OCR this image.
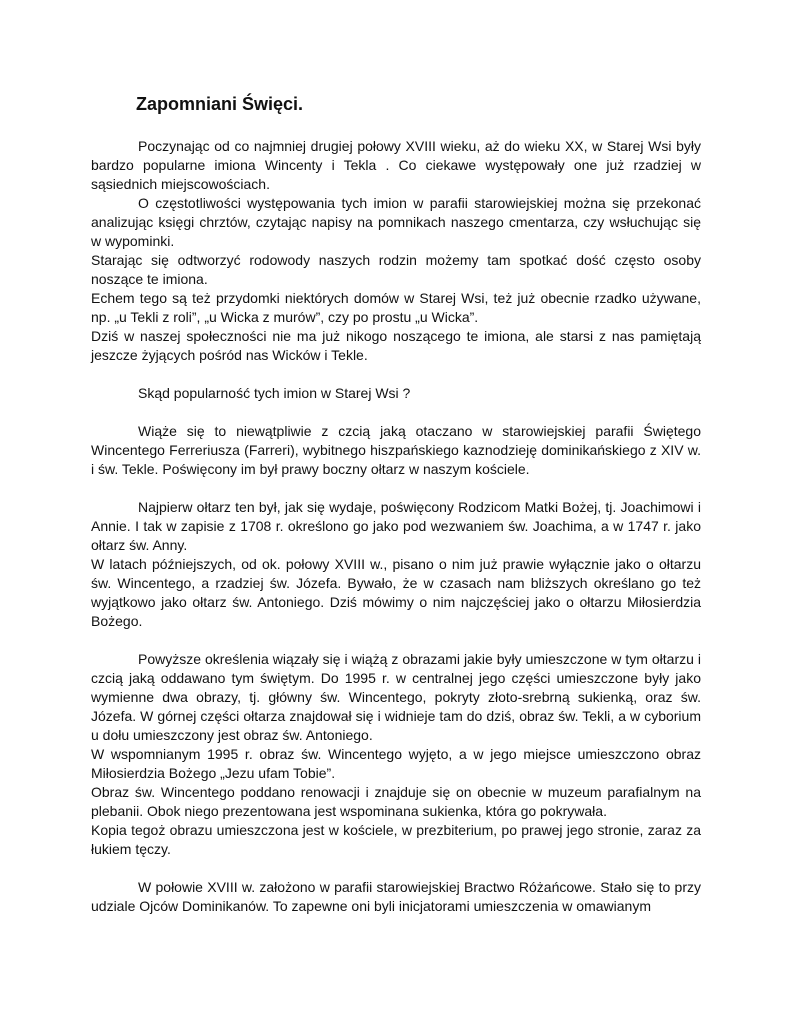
Zapomniani Święci.

Poczynając od co najmniej drugiej połowy XVIII wieku, aż do wieku XX, w Starej Wsi były bardzo popularne imiona Wincenty i Tekla . Co ciekawe występowały one już rzadziej w sąsiednich miejscowościach.

O częstotliwości występowania tych imion w parafii starowiejskiej można się przekonać analizując księgi chrztów, czytając napisy na pomnikach naszego cmentarza, czy wsłuchując się w wypominki.

Starając się odtworzyć rodowody naszych rodzin możemy tam spotkać dość często osoby noszące te imiona.

Echem tego są też przydomki niektórych domów w Starej Wsi, też już obecnie rzadko używane, np. „u Tekli z roli”, „u Wicka z murów”, czy po prostu „u Wicka”.

Dziś w naszej społeczności nie ma już nikogo noszącego te imiona, ale starsi z nas pamiętają jeszcze żyjących pośród nas Wicków i Tekle.

Skąd popularność tych imion w Starej Wsi ?

Wiąże się to niewątpliwie z czcią jaką otaczano w starowiejskiej parafii Świętego Wincentego Ferreriusza (Farreri), wybitnego hiszpańskiego kaznodzieję dominikańskiego z XIV w. i św. Tekle. Poświęcony im był prawy boczny ołtarz w naszym kościele.

Najpierw ołtarz ten był, jak się wydaje, poświęcony Rodzicom Matki Bożej, tj. Joachimowi i Annie. I tak w zapisie z 1708 r. określono go jako pod wezwaniem św. Joachima, a w 1747 r. jako ołtarz św. Anny.

W latach późniejszych, od ok. połowy XVIII w., pisano o nim już prawie wyłącznie jako o ołtarzu św. Wincentego, a rzadziej św. Józefa. Bywało, że w czasach nam bliższych określano go też wyjątkowo jako ołtarz św. Antoniego. Dziś mówimy o nim najczęściej jako o ołtarzu Miłosierdzia Bożego.

Powyższe określenia wiązały się i wiążą z obrazami jakie były umieszczone w tym ołtarzu i czcią jaką oddawano tym świętym. Do 1995 r. w centralnej jego części umieszczone były jako wymienne dwa obrazy, tj. główny św. Wincentego, pokryty złoto-srebrną sukienką, oraz św. Józefa. W górnej części ołtarza znajdował się i widnieje tam do dziś, obraz św. Tekli, a w cyborium u dołu umieszczony jest obraz św. Antoniego.

W wspomnianym 1995 r. obraz św. Wincentego wyjęto, a w jego miejsce umieszczono obraz Miłosierdzia Bożego „Jezu ufam Tobie”.

Obraz św. Wincentego poddano renowacji i znajduje się on obecnie w muzeum parafialnym na plebanii. Obok niego prezentowana jest wspominana sukienka, która go pokrywała.

Kopia tegoż obrazu umieszczona jest w kościele, w prezbiterium, po prawej jego stronie, zaraz za łukiem tęczy.

W połowie XVIII w. założono w parafii starowiejskiej Bractwo Różańcowe. Stało się to przy udziale Ojców Dominikanów. To zapewne oni byli inicjatorami umieszczenia w omawianym
